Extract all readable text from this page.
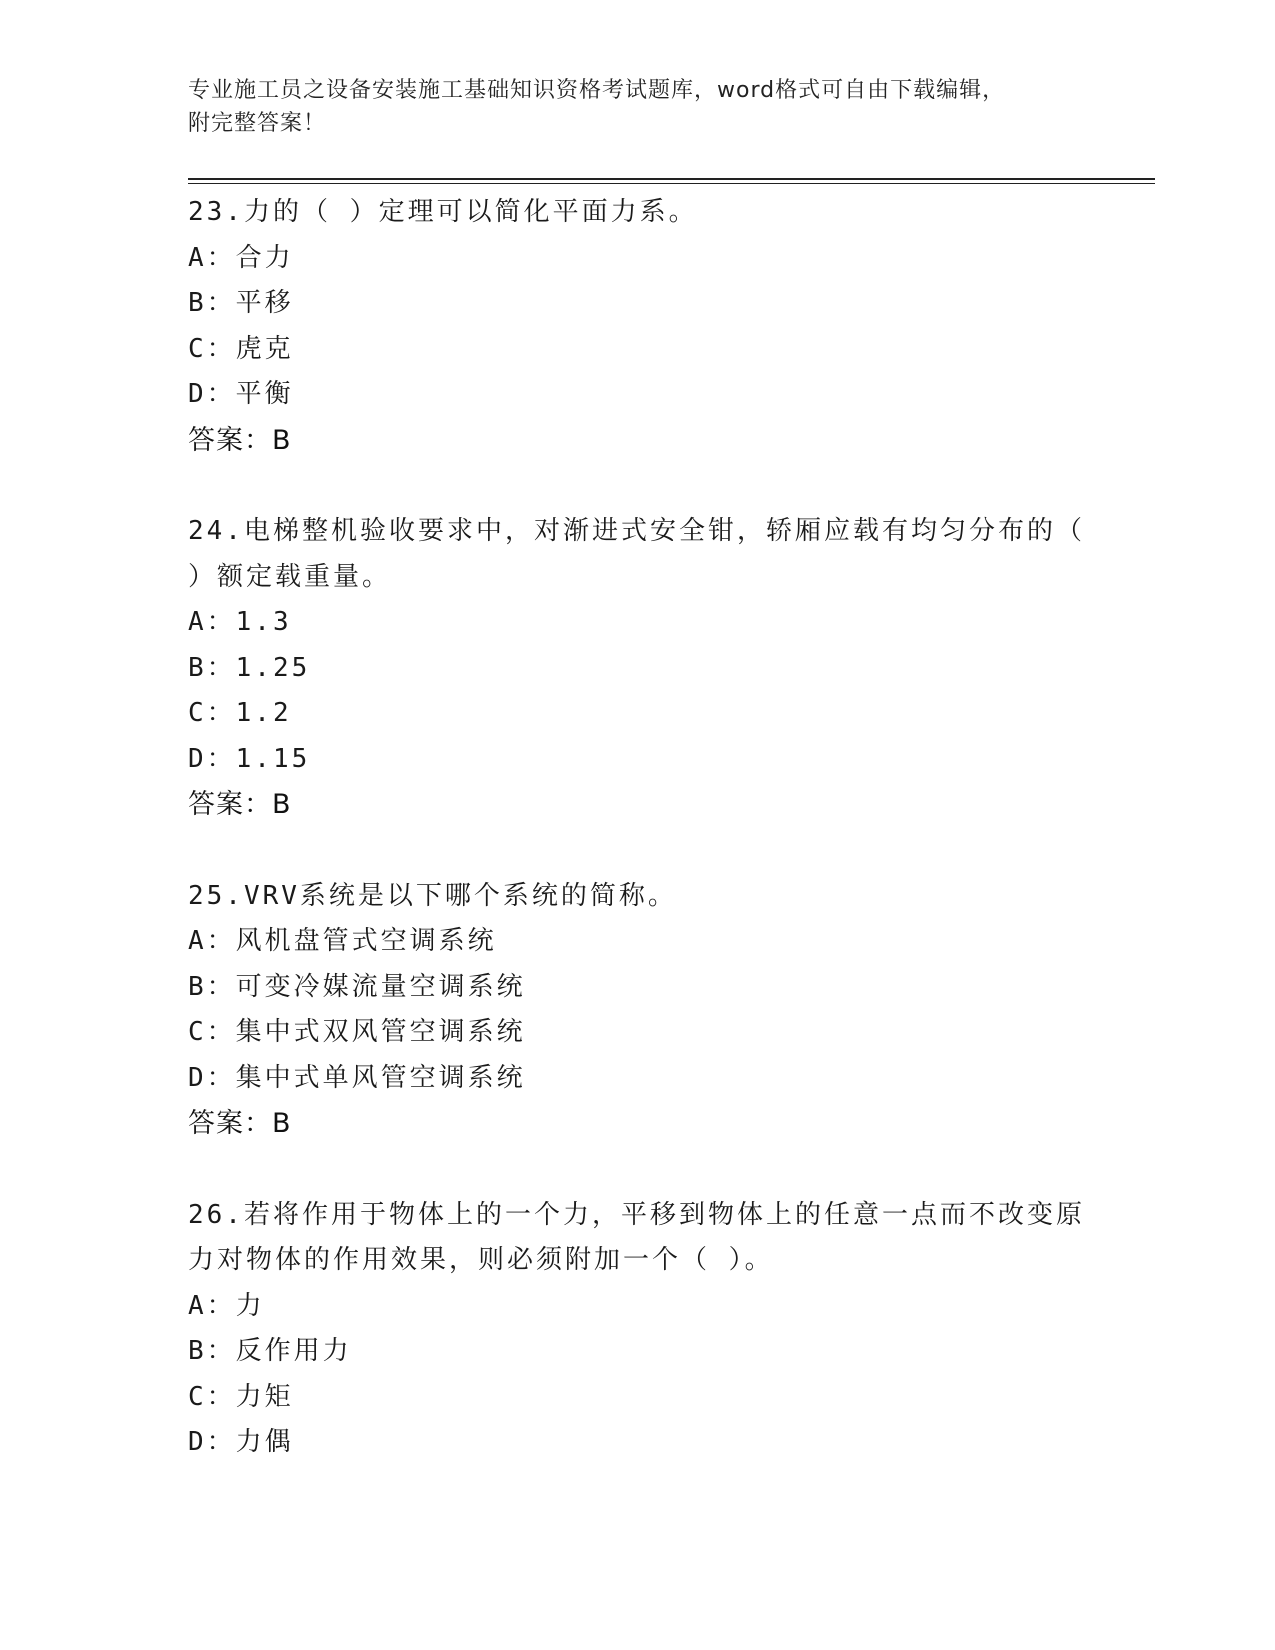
专业施工员之设备安装施工基础知识资格考试题库，word格式可自由下载编辑，
附完整答案！
23.力的（ ）定理可以简化平面力系。
A：合力
B：平移
C：虎克
D：平衡
答案：B
24.电梯整机验收要求中，对渐进式安全钳，轿厢应载有均匀分布的（ ）额定载重量。
A：1.3
B：1.25
C：1.2
D：1.15
答案：B
25.VRV系统是以下哪个系统的简称。
A：风机盘管式空调系统
B：可变冷媒流量空调系统
C：集中式双风管空调系统
D：集中式单风管空调系统
答案：B
26.若将作用于物体上的一个力，平移到物体上的任意一点而不改变原力对物体的作用效果，则必须附加一个（ ）。
A：力
B：反作用力
C：力矩
D：力偶
